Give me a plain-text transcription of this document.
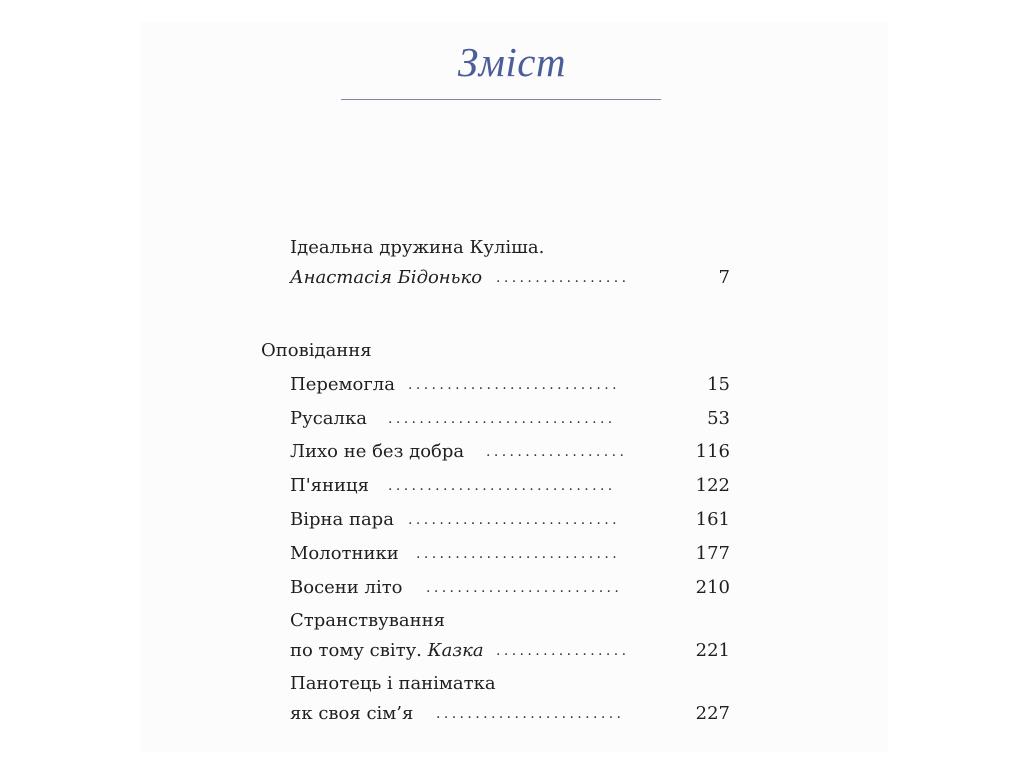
Зміст
Ідеальна дружина Куліша.
Анастасія Бідонько .................	7
Оповідання
Перемогла ...........................	15
Русалка .............................	53
Лихо не без добра ..................	116
П'яниця .............................	122
Вірна пара ...........................	161
Молотники ..........................	177
Восени літо .........................	210
Странствування
по тому світу. Казка .................	221
Панотець і паніматка
як своя сім’я ........................	227
